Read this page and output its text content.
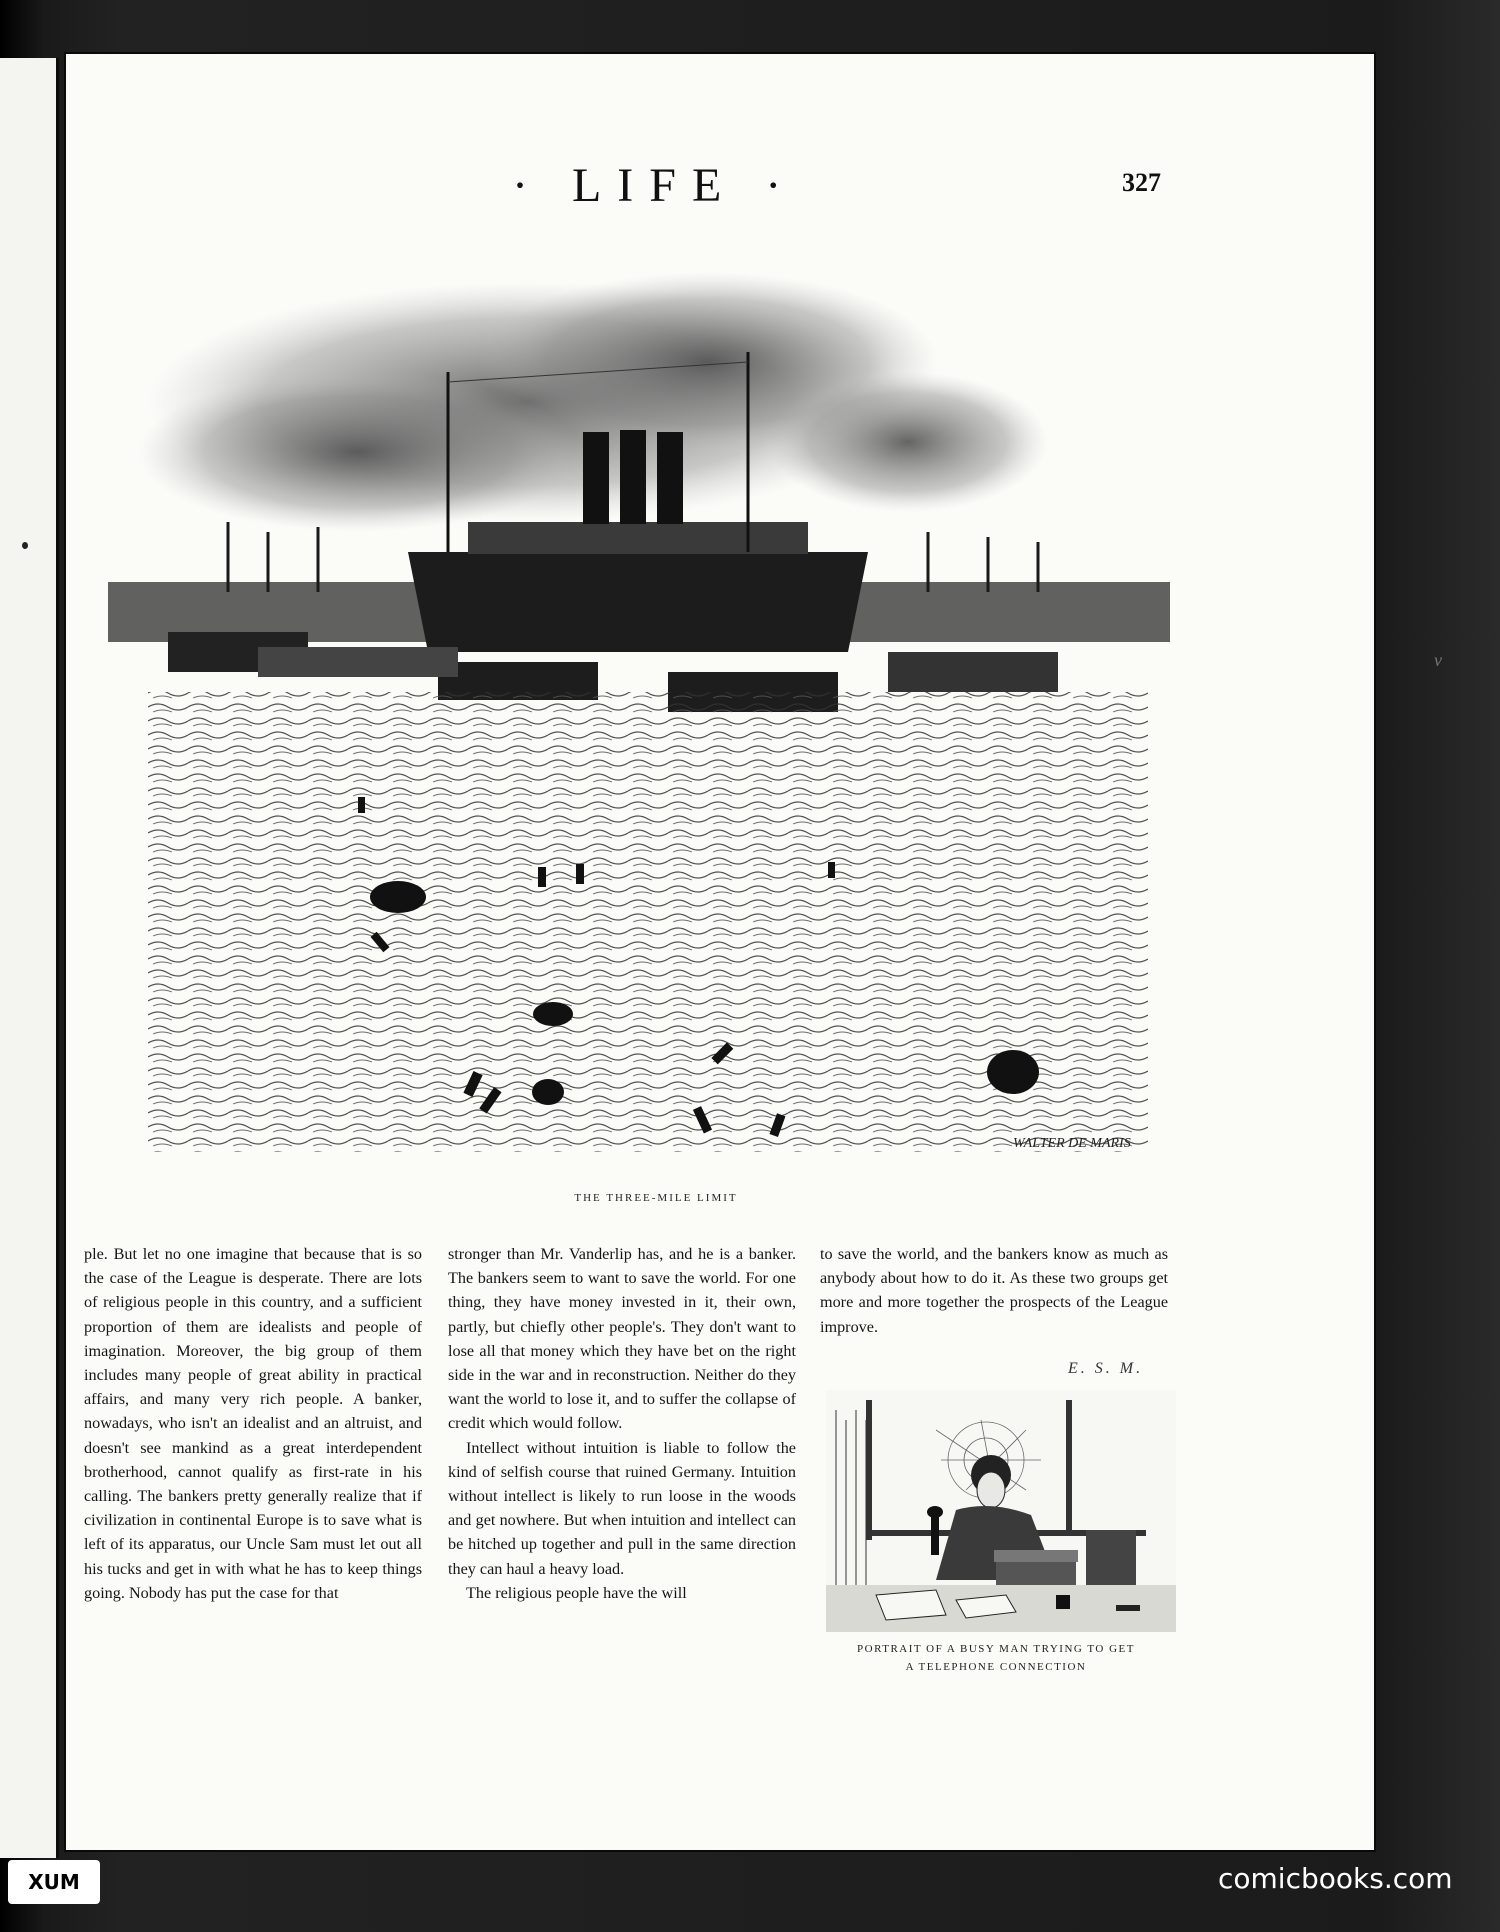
· LIFE ·	327
WALTER DE MARIS
THE THREE-MILE LIMIT

ple. But let no one imagine that because that is so the case of the League is desperate. There are lots of religious people in this country, and a sufficient proportion of them are idealists and people of imagination. Moreover, the big group of them includes many people of great ability in practical affairs, and many very rich people. A banker, nowadays, who isn't an idealist and an altruist, and doesn't see mankind as a great interdependent brotherhood, cannot qualify as first-rate in his calling. The bankers pretty generally realize that if civilization in continental Europe is to save what is left of its apparatus, our Uncle Sam must let out all his tucks and get in with what he has to keep things going. Nobody has put the case for that

stronger than Mr. Vanderlip has, and he is a banker. The bankers seem to want to save the world. For one thing, they have money invested in it, their own, partly, but chiefly other people's. They don't want to lose all that money which they have bet on the right side in the war and in reconstruction. Neither do they want the world to lose it, and to suffer the collapse of credit which would follow.

Intellect without intuition is liable to follow the kind of selfish course that ruined Germany. Intuition without intellect is likely to run loose in the woods and get nowhere. But when intuition and intellect can be hitched up together and pull in the same direction they can haul a heavy load.

The religious people have the will

to save the world, and the bankers know as much as anybody about how to do it. As these two groups get more and more together the prospects of the League improve.

E. S. M.
PORTRAIT OF A BUSY MAN TRYING TO GET
A TELEPHONE CONNECTION
v
XUM	comicbooks.com
